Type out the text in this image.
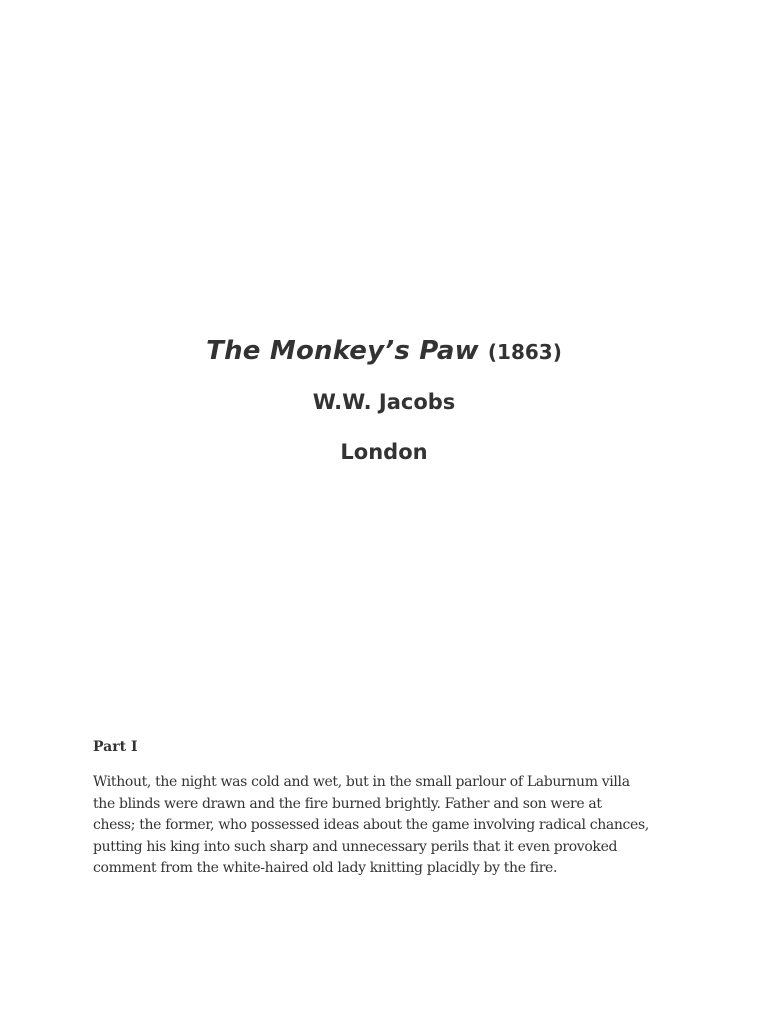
The Monkey’s Paw (1863)

W.W. Jacobs

London

Part I

Without, the night was cold and wet, but in the small parlour of Laburnum villa
the blinds were drawn and the fire burned brightly. Father and son were at
chess; the former, who possessed ideas about the game involving radical chances,
putting his king into such sharp and unnecessary perils that it even provoked
comment from the white-haired old lady knitting placidly by the fire.
